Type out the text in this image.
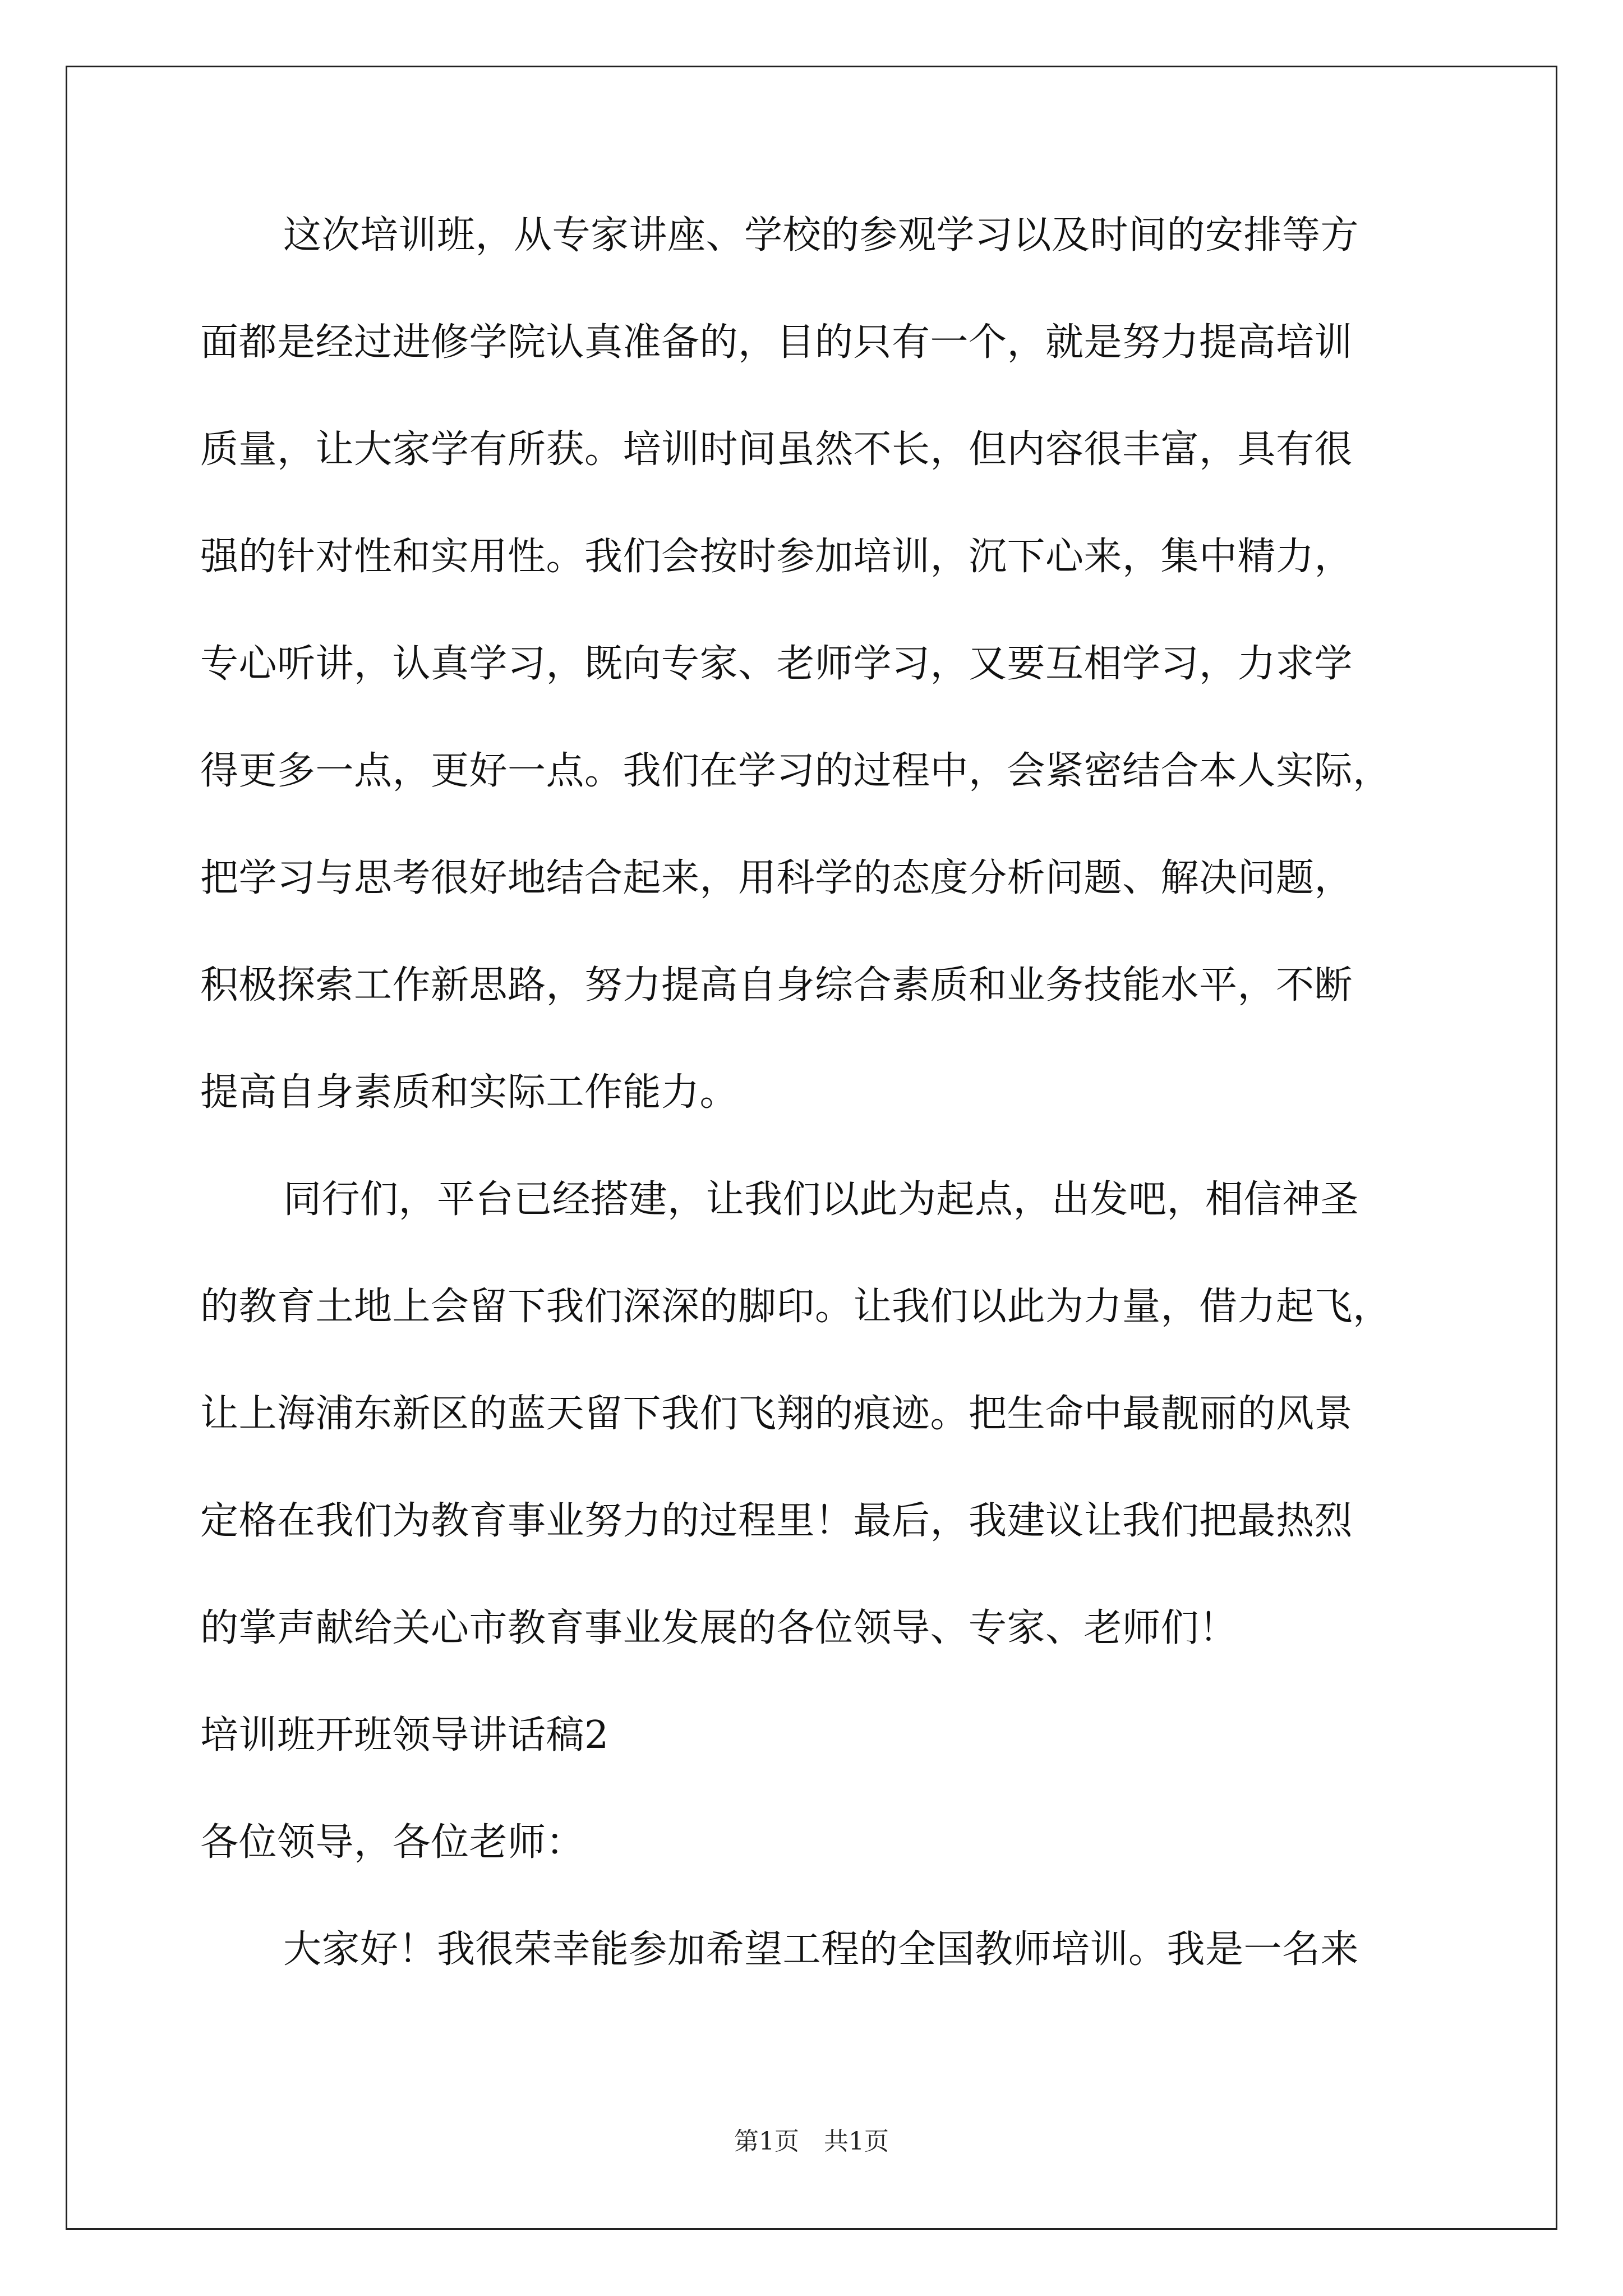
这次培训班，从专家讲座、学校的参观学习以及时间的安排等方
面都是经过进修学院认真准备的，目的只有一个，就是努力提高培训
质量，让大家学有所获。培训时间虽然不长，但内容很丰富，具有很
强的针对性和实用性。我们会按时参加培训，沉下心来，集中精力，
专心听讲，认真学习，既向专家、老师学习，又要互相学习，力求学
得更多一点，更好一点。我们在学习的过程中，会紧密结合本人实际，
把学习与思考很好地结合起来，用科学的态度分析问题、解决问题，
积极探索工作新思路，努力提高自身综合素质和业务技能水平，不断
提高自身素质和实际工作能力。
同行们，平台已经搭建，让我们以此为起点，出发吧，相信神圣
的教育土地上会留下我们深深的脚印。让我们以此为力量，借力起飞，
让上海浦东新区的蓝天留下我们飞翔的痕迹。把生命中最靓丽的风景
定格在我们为教育事业努力的过程里！最后，我建议让我们把最热烈
的掌声献给关心市教育事业发展的各位领导、专家、老师们！
培训班开班领导讲话稿2
各位领导，各位老师：
大家好！我很荣幸能参加希望工程的全国教师培训。我是一名来
第1页 共1页
